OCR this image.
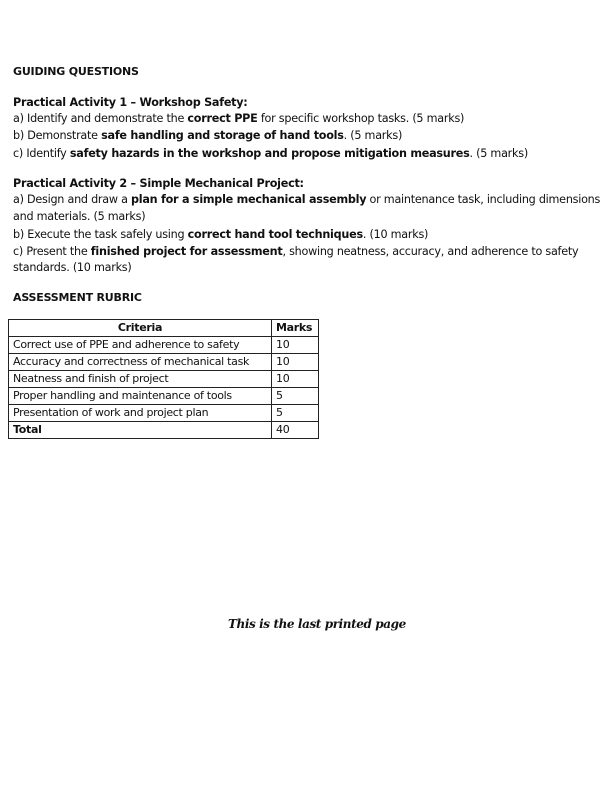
GUIDING QUESTIONS
Practical Activity 1 – Workshop Safety:
a) Identify and demonstrate the correct PPE for specific workshop tasks. (5 marks)
b) Demonstrate safe handling and storage of hand tools. (5 marks)
c) Identify safety hazards in the workshop and propose mitigation measures. (5 marks)
Practical Activity 2 – Simple Mechanical Project:
a) Design and draw a plan for a simple mechanical assembly or maintenance task, including dimensions
and materials. (5 marks)
b) Execute the task safely using correct hand tool techniques. (10 marks)
c) Present the finished project for assessment, showing neatness, accuracy, and adherence to safety
standards. (10 marks)
ASSESSMENT RUBRIC
Criteria	Marks
Correct use of PPE and adherence to safety	10
Accuracy and correctness of mechanical task	10
Neatness and finish of project	10
Proper handling and maintenance of tools	5
Presentation of work and project plan	5
Total	40
This is the last printed page
